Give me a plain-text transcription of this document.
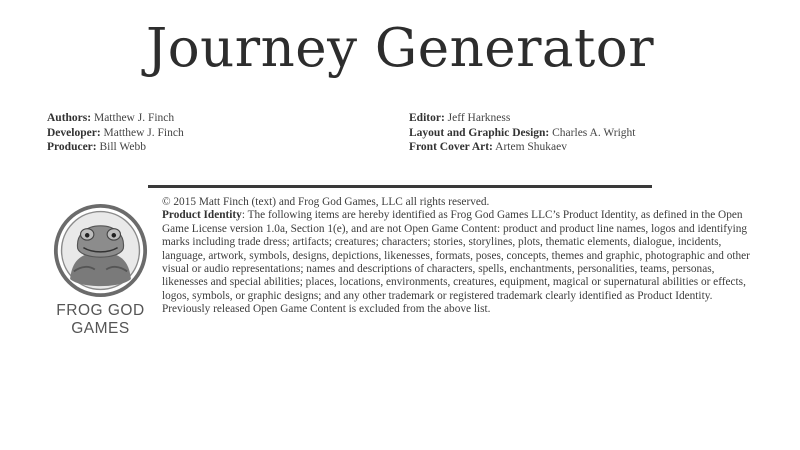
Journey Generator
Authors: Matthew J. Finch
Developer: Matthew J. Finch
Producer: Bill Webb
Editor: Jeff Harkness
Layout and Graphic Design: Charles A. Wright
Front Cover Art: Artem Shukaev
FROG GOD
GAMES

© 2015 Matt Finch (text) and Frog God Games, LLC all rights reserved.

Product Identity: The following items are hereby identified as Frog God Games LLC’s Product Identity, as defined in the Open Game License version 1.0a, Section 1(e), and are not Open Game Content: product and product line names, logos and identifying marks including trade dress; artifacts; creatures; characters; stories, storylines, plots, thematic elements, dialogue, incidents, language, artwork, symbols, designs, depictions, likenesses, formats, poses, concepts, themes and graphic, photographic and other visual or audio representations; names and descriptions of characters, spells, enchantments, personalities, teams, personas, likenesses and special abilities; places, locations, environments, creatures, equipment, magical or supernatural abilities or effects, logos, symbols, or graphic designs; and any other trademark or registered trademark clearly identified as Product Identity. Previously released Open Game Content is excluded from the above list.
